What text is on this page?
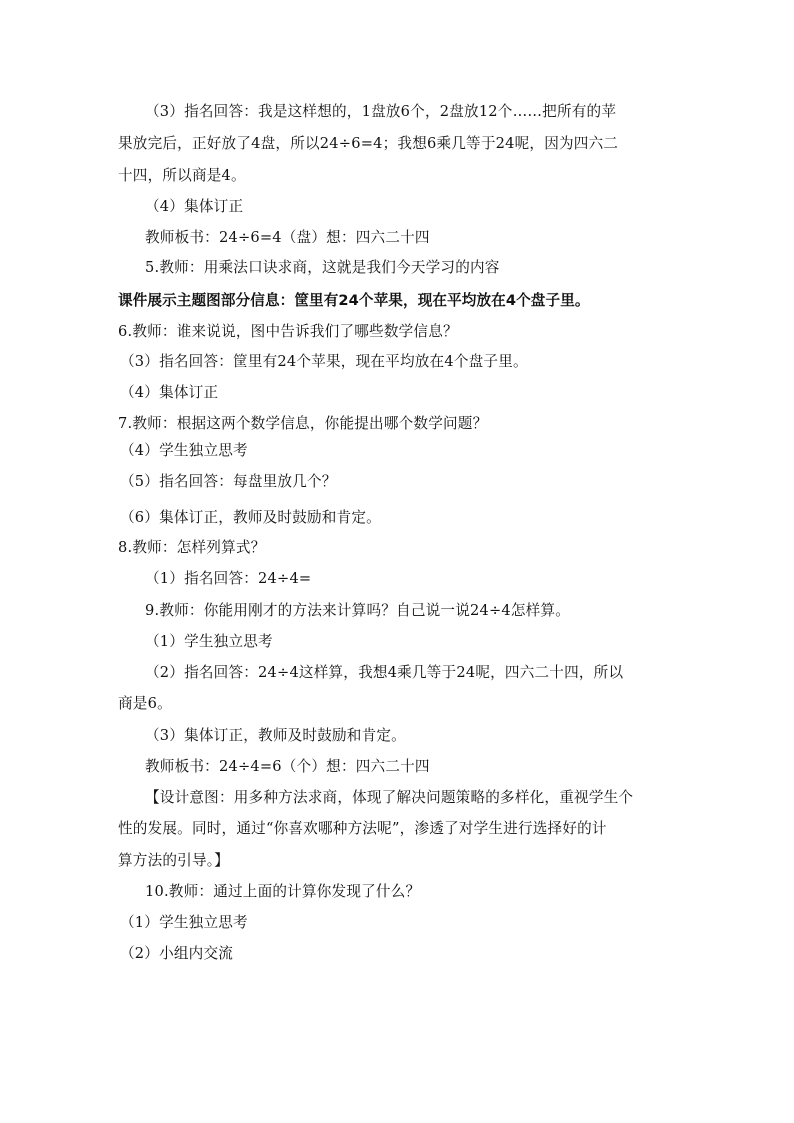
（3）指名回答：我是这样想的，1盘放6个，2盘放12个……把所有的苹
果放完后，正好放了4盘，所以24÷6=4；我想6乘几等于24呢，因为四六二
十四，所以商是4。
（4）集体订正
教师板书：24÷6=4（盘）想：四六二十四
5.教师：用乘法口诀求商，这就是我们今天学习的内容
课件展示主题图部分信息：筐里有24个苹果，现在平均放在4个盘子里。
6.教师：谁来说说，图中告诉我们了哪些数学信息？
（3）指名回答：筐里有24个苹果，现在平均放在4个盘子里。
（4）集体订正
7.教师：根据这两个数学信息，你能提出哪个数学问题？
（4）学生独立思考
（5）指名回答：每盘里放几个？
（6）集体订正，教师及时鼓励和肯定。
8.教师：怎样列算式？
（1）指名回答：24÷4=
9.教师：你能用刚才的方法来计算吗？自己说一说24÷4怎样算。
（1）学生独立思考
（2）指名回答：24÷4这样算，我想4乘几等于24呢，四六二十四，所以
商是6。
（3）集体订正，教师及时鼓励和肯定。
教师板书：24÷4=6（个）想：四六二十四
【设计意图：用多种方法求商，体现了解决问题策略的多样化，重视学生个
性的发展。同时，通过“你喜欢哪种方法呢”，渗透了对学生进行选择好的计
算方法的引导。】
10.教师：通过上面的计算你发现了什么？
（1）学生独立思考
（2）小组内交流
